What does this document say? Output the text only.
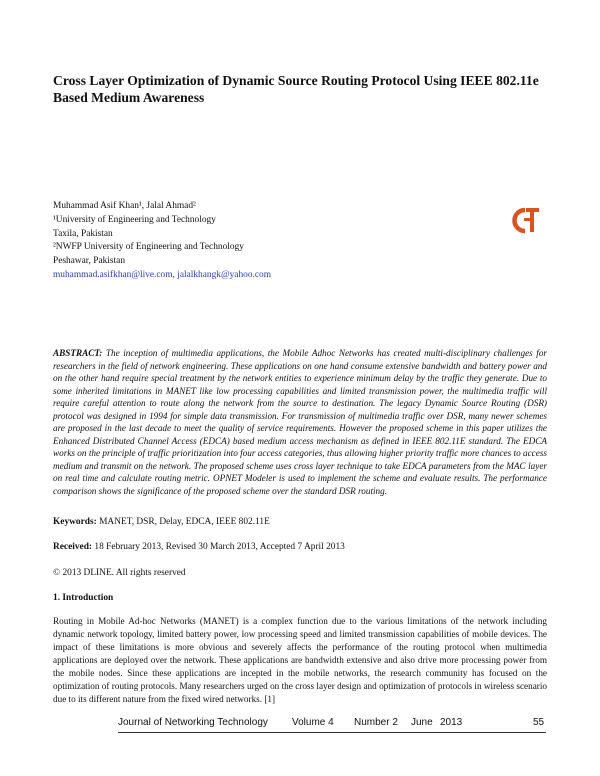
Cross Layer Optimization of Dynamic Source Routing Protocol Using IEEE 802.11e Based Medium Awareness
Muhammad Asif Khan¹, Jalal Ahmad²
¹University of Engineering and Technology
Taxila, Pakistan
²NWFP University of Engineering and Technology
Peshawar, Pakistan
muhammad.asifkhan@live.com, jalalkhangk@yahoo.com
ABSTRACT: The inception of multimedia applications, the Mobile Adhoc Networks has created multi-disciplinary challenges for researchers in the field of network engineering. These applications on one hand consume extensive bandwidth and battery power and on the other hand require special treatment by the network entities to experience minimum delay by the traffic they generate. Due to some inherited limitations in MANET like low processing capabilities and limited transmission power, the multimedia traffic will require careful attention to route along the network from the source to destination. The legacy Dynamic Source Routing (DSR) protocol was designed in 1994 for simple data transmission. For transmission of multimedia traffic over DSR, many newer schemes are proposed in the last decade to meet the quality of service requirements. However the proposed scheme in this paper utilizes the Enhanced Distributed Channel Access (EDCA) based medium access mechanism as defined in IEEE 802.11E standard. The EDCA works on the principle of traffic prioritization into four access categories, thus allowing higher priority traffic more chances to access medium and transmit on the network. The proposed scheme uses cross layer technique to take EDCA parameters from the MAC layer on real time and calculate routing metric. OPNET Modeler is used to implement the scheme and evaluate results. The performance comparison shows the significance of the proposed scheme over the standard DSR routing.
Keywords: MANET, DSR, Delay, EDCA, IEEE 802.11E
Received: 18 February 2013, Revised 30 March 2013, Accepted 7 April 2013
© 2013 DLINE. All rights reserved
1. Introduction
Routing in Mobile Ad-hoc Networks (MANET) is a complex function due to the various limitations of the network including dynamic network topology, limited battery power, low processing speed and limited transmission capabilities of mobile devices. The impact of these limitations is more obvious and severely affects the performance of the routing protocol when multimedia applications are deployed over the network. These applications are bandwidth extensive and also drive more processing power from the mobile nodes. Since these applications are incepted in the mobile networks, the research community has focused on the optimization of routing protocols. Many researchers urged on the cross layer design and optimization of protocols in wireless scenario due to its different nature from the fixed wired networks. [1]
Journal of Networking Technology Volume 4 Number 2 June 2013	55
